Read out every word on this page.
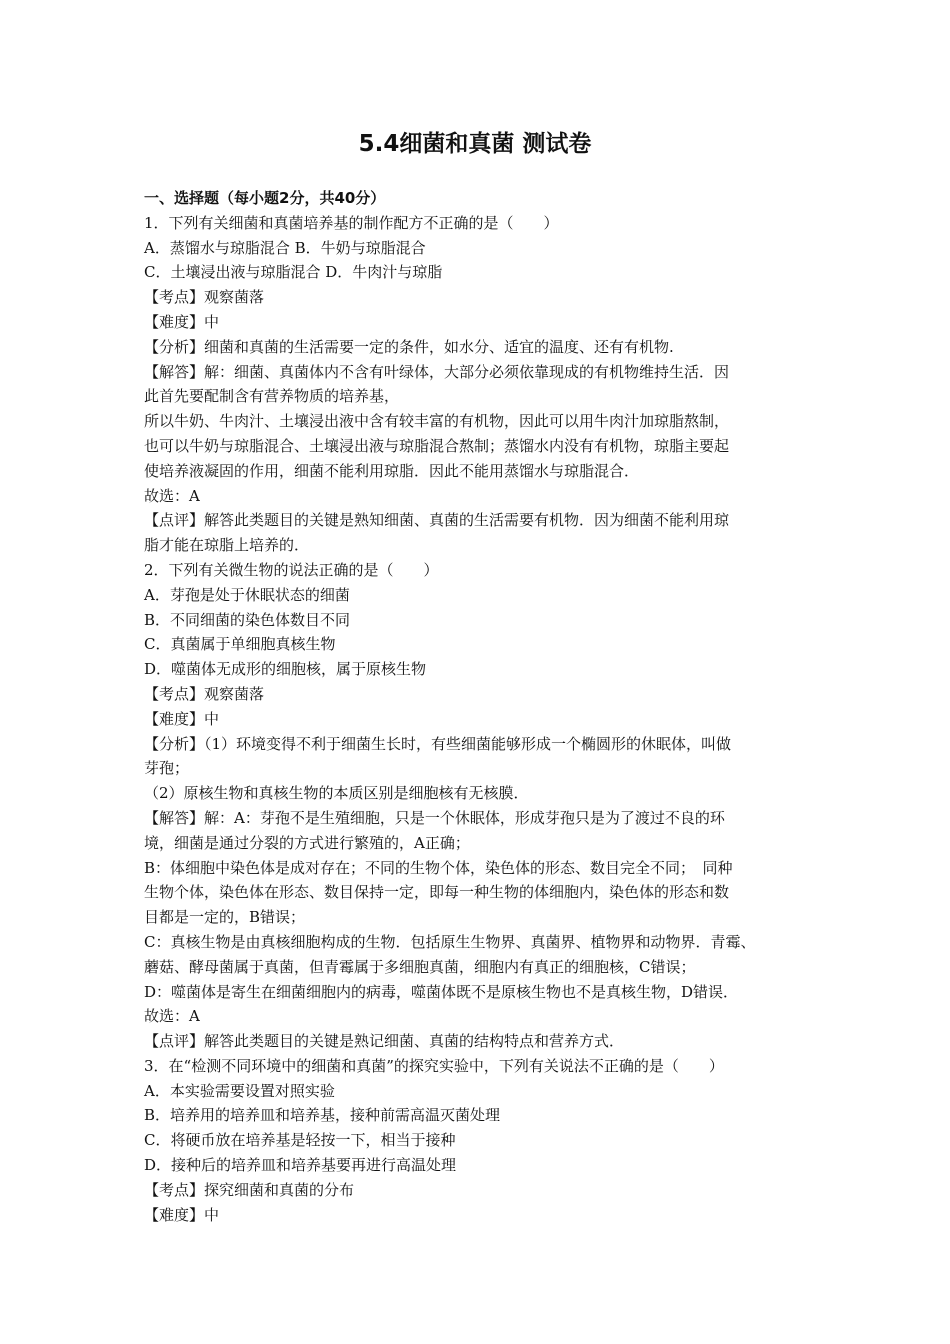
5.4细菌和真菌 测试卷
一、选择题（每小题2分，共40分）
1．下列有关细菌和真菌培养基的制作配方不正确的是（　　）
A．蒸馏水与琼脂混合 B．牛奶与琼脂混合
C．土壤浸出液与琼脂混合 D．牛肉汁与琼脂
【考点】观察菌落
【难度】中
【分析】细菌和真菌的生活需要一定的条件，如水分、适宜的温度、还有有机物.
【解答】解：细菌、真菌体内不含有叶绿体，大部分必须依靠现成的有机物维持生活．因
此首先要配制含有营养物质的培养基，
所以牛奶、牛肉汁、土壤浸出液中含有较丰富的有机物，因此可以用牛肉汁加琼脂熬制，
也可以牛奶与琼脂混合、土壤浸出液与琼脂混合熬制；蒸馏水内没有有机物，琼脂主要起
使培养液凝固的作用，细菌不能利用琼脂．因此不能用蒸馏水与琼脂混合．
故选：A
【点评】解答此类题目的关键是熟知细菌、真菌的生活需要有机物．因为细菌不能利用琼
脂才能在琼脂上培养的．
2．下列有关微生物的说法正确的是（　　）
A．芽孢是处于休眠状态的细菌
B．不同细菌的染色体数目不同
C．真菌属于单细胞真核生物
D．噬菌体无成形的细胞核，属于原核生物
【考点】观察菌落
【难度】中
【分析】（1）环境变得不利于细菌生长时，有些细菌能够形成一个椭圆形的休眠体，叫做
芽孢；
（2）原核生物和真核生物的本质区别是细胞核有无核膜．
【解答】解：A：芽孢不是生殖细胞，只是一个休眠体，形成芽孢只是为了渡过不良的环
境，细菌是通过分裂的方式进行繁殖的，A正确；
B：体细胞中染色体是成对存在；不同的生物个体，染色体的形态、数目完全不同；　同种
生物个体，染色体在形态、数目保持一定，即每一种生物的体细胞内，染色体的形态和数
目都是一定的，B错误；
C：真核生物是由真核细胞构成的生物．包括原生生物界、真菌界、植物界和动物界．青霉、
蘑菇、酵母菌属于真菌，但青霉属于多细胞真菌，细胞内有真正的细胞核，C错误；
D：噬菌体是寄生在细菌细胞内的病毒，噬菌体既不是原核生物也不是真核生物，D错误．
故选：A
【点评】解答此类题目的关键是熟记细菌、真菌的结构特点和营养方式．
3．在“检测不同环境中的细菌和真菌”的探究实验中，下列有关说法不正确的是（　　）
A．本实验需要设置对照实验
B．培养用的培养皿和培养基，接种前需高温灭菌处理
C．将硬币放在培养基是轻按一下，相当于接种
D．接种后的培养皿和培养基要再进行高温处理
【考点】探究细菌和真菌的分布
【难度】中
